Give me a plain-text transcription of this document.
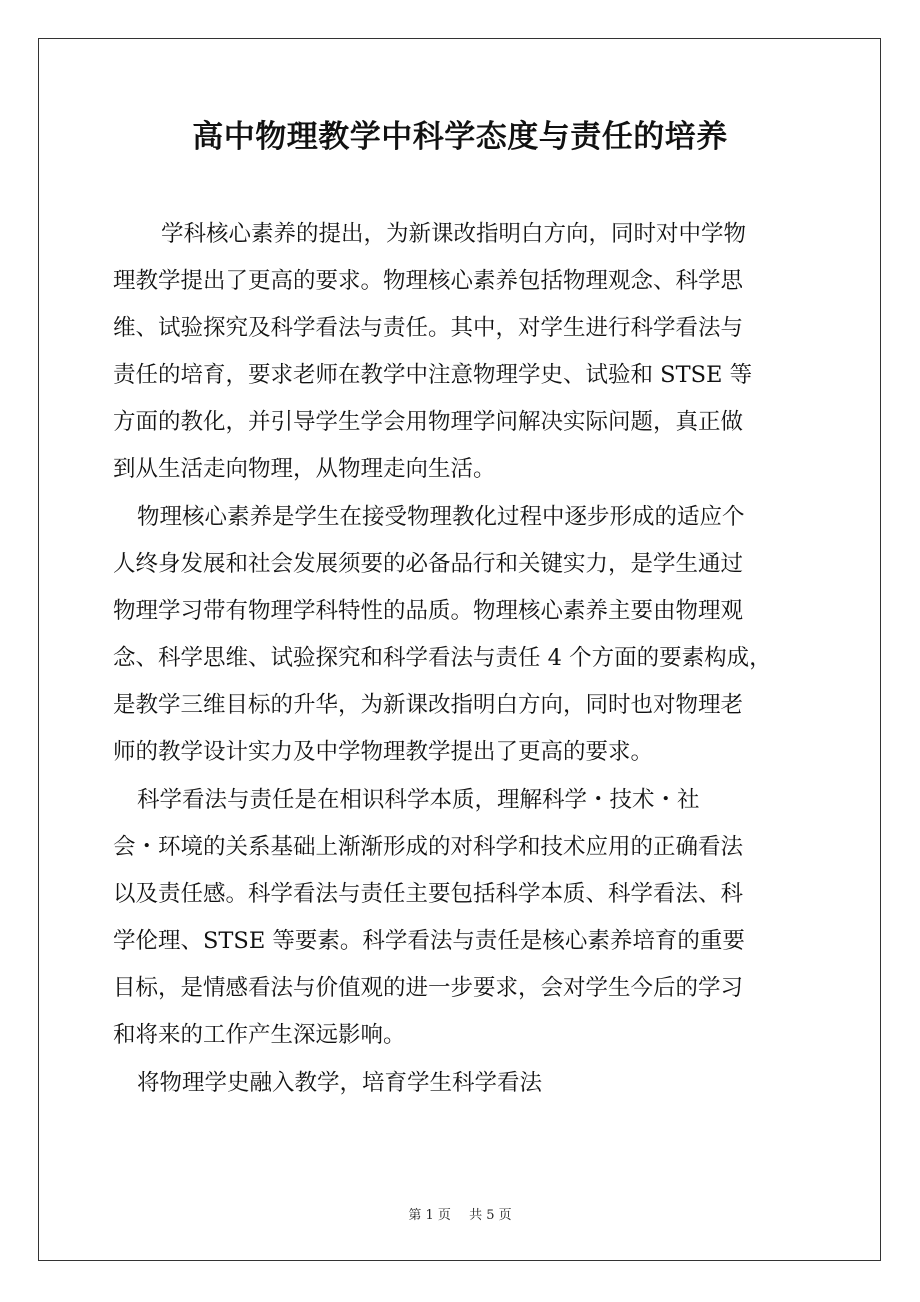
高中物理教学中科学态度与责任的培养
学科核心素养的提出，为新课改指明白方向，同时对中学物
理教学提出了更高的要求。物理核心素养包括物理观念、科学思
维、试验探究及科学看法与责任。其中，对学生进行科学看法与
责任的培育，要求老师在教学中注意物理学史、试验和 STSE 等
方面的教化，并引导学生学会用物理学问解决实际问题，真正做
到从生活走向物理，从物理走向生活。
物理核心素养是学生在接受物理教化过程中逐步形成的适应个
人终身发展和社会发展须要的必备品行和关键实力，是学生通过
物理学习带有物理学科特性的品质。物理核心素养主要由物理观
念、科学思维、试验探究和科学看法与责任 4 个方面的要素构成，
是教学三维目标的升华，为新课改指明白方向，同时也对物理老
师的教学设计实力及中学物理教学提出了更高的要求。
科学看法与责任是在相识科学本质，理解科学・技术・社
会・环境的关系基础上渐渐形成的对科学和技术应用的正确看法
以及责任感。科学看法与责任主要包括科学本质、科学看法、科
学伦理、STSE 等要素。科学看法与责任是核心素养培育的重要
目标，是情感看法与价值观的进一步要求，会对学生今后的学习
和将来的工作产生深远影响。
将物理学史融入教学，培育学生科学看法
第 1 页 共 5 页
